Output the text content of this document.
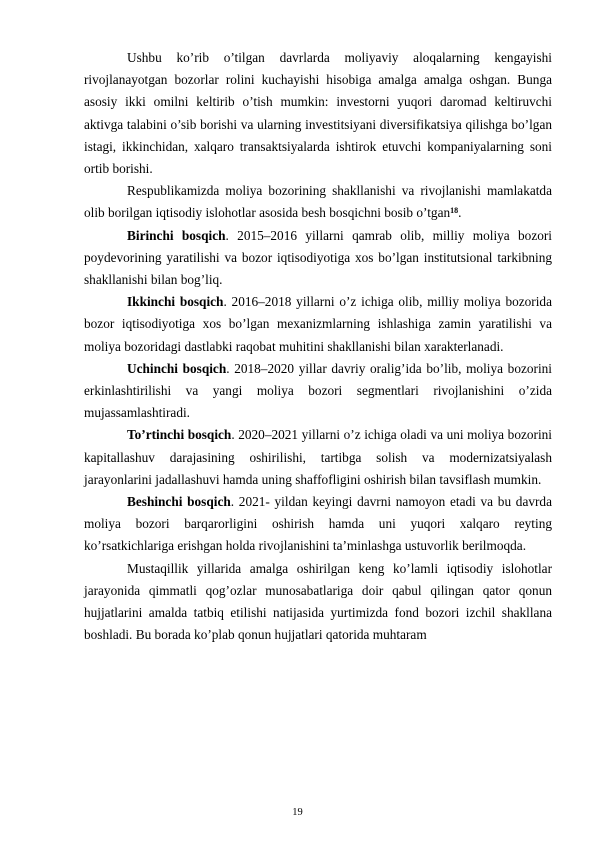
Ushbu ko’rib o’tilgan davrlarda moliyaviy aloqalarning kengayishi rivojlanayotgan bozorlar rolini kuchayishi hisobiga amalga amalga oshgan. Bunga asosiy ikki omilni keltirib o’tish mumkin: investorni yuqori daromad keltiruvchi aktivga talabini o’sib borishi va ularning investitsiyani diversifikatsiya qilishga bo’lgan istagi, ikkinchidan, xalqaro transaktsiyalarda ishtirok etuvchi kompaniyalarning soni ortib borishi.

Respublikamizda moliya bozorining shakllanishi va rivojlanishi mamlakatda olib borilgan iqtisodiy islohotlar asosida besh bosqichni bosib o’tgan$^{18}$.

Birinchi bosqich. 2015–2016 yillarni qamrab olib, milliy moliya bozori poydevorining yaratilishi va bozor iqtisodiyotiga xos bo’lgan institutsional tarkibning shakllanishi bilan bog’liq.

Ikkinchi bosqich. 2016–2018 yillarni o’z ichiga olib, milliy moliya bozorida bozor iqtisodiyotiga xos bo’lgan mexanizmlarning ishlashiga zamin yaratilishi va moliya bozoridagi dastlabki raqobat muhitini shakllanishi bilan xarakterlanadi.

Uchinchi bosqich. 2018–2020 yillar davriy oralig’ida bo’lib, moliya bozorini erkinlashtirilishi va yangi moliya bozori segmentlari rivojlanishini o’zida mujassamlashtiradi.

To’rtinchi bosqich. 2020–2021 yillarni o’z ichiga oladi va uni moliya bozorini kapitallashuv darajasining oshirilishi, tartibga solish va modernizatsiyalash jarayonlarini jadallashuvi hamda uning shaffofligini oshirish bilan tavsiflash mumkin.

Beshinchi bosqich. 2021- yildan keyingi davrni namoyon etadi va bu davrda moliya bozori barqarorligini oshirish hamda uni yuqori xalqaro reyting ko’rsatkichlariga erishgan holda rivojlanishini ta’minlashga ustuvorlik berilmoqda.

Mustaqillik yillarida amalga oshirilgan keng ko’lamli iqtisodiy islohotlar jarayonida qimmatli qog’ozlar munosabatlariga doir qabul qilingan qator qonun hujjatlarini amalda tatbiq etilishi natijasida yurtimizda fond bozori izchil shakllana boshladi. Bu borada ko’plab qonun hujjatlari qatorida muhtaram

19
